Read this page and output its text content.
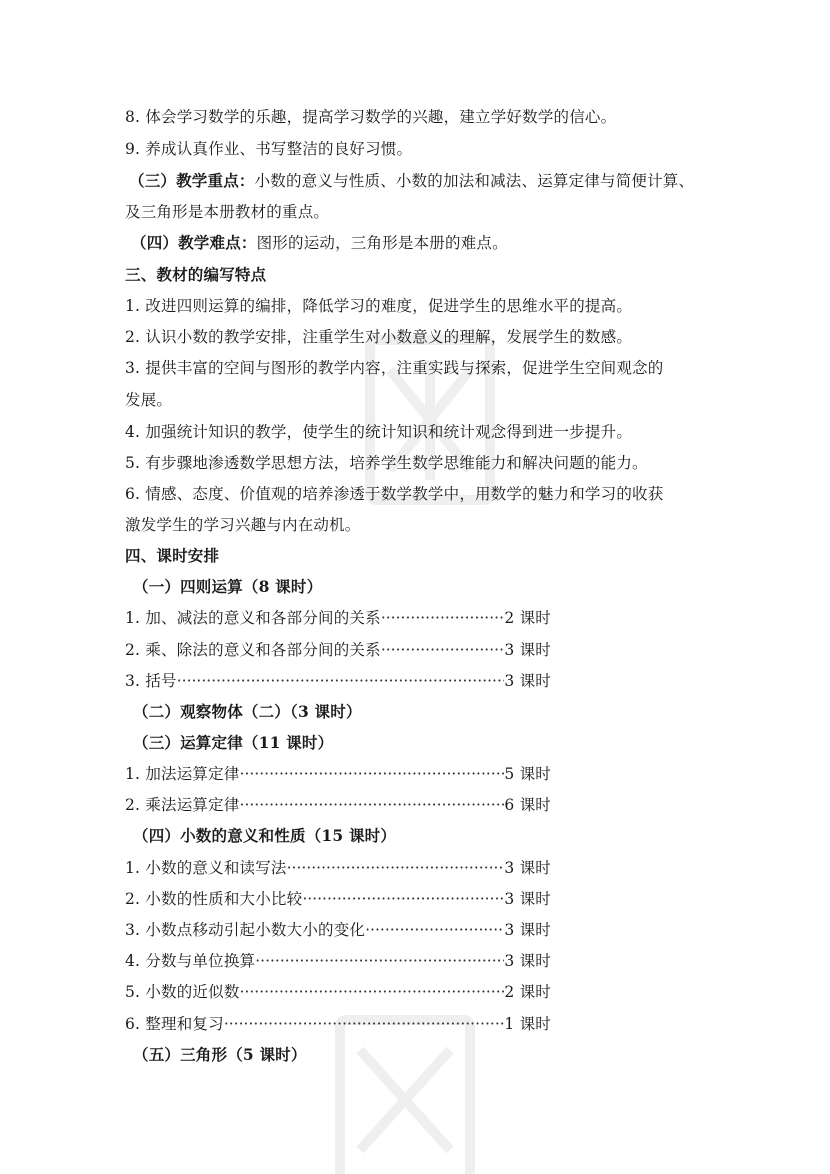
8. 体会学习数学的乐趣，提高学习数学的兴趣，建立学好数学的信心。
9. 养成认真作业、书写整洁的良好习惯。
（三）教学重点：小数的意义与性质、小数的加法和减法、运算定律与简便计算、
及三角形是本册教材的重点。
（四）教学难点：图形的运动，三角形是本册的难点。
三、教材的编写特点
1. 改进四则运算的编排，降低学习的难度，促进学生的思维水平的提高。
2. 认识小数的教学安排，注重学生对小数意义的理解，发展学生的数感。
3. 提供丰富的空间与图形的教学内容，注重实践与探索，促进学生空间观念的
发展。
4. 加强统计知识的教学，使学生的统计知识和统计观念得到进一步提升。
5. 有步骤地渗透数学思想方法，培养学生数学思维能力和解决问题的能力。
6. 情感、态度、价值观的培养渗透于数学教学中，用数学的魅力和学习的收获
激发学生的学习兴趣与内在动机。
四、课时安排
（一）四则运算（8 课时）
1. 加、减法的意义和各部分间的关系 ·····	2 课时
2. 乘、除法的意义和各部分间的关系 ·····	3 课时
3. 括号 ·····	3 课时
（二）观察物体（二）（3 课时）
（三）运算定律（11 课时）
1. 加法运算定律 ·····	5 课时
2. 乘法运算定律 ·····	6 课时
（四）小数的意义和性质（15 课时）
1. 小数的意义和读写法 ·····	3 课时
2. 小数的性质和大小比较 ·····	3 课时
3. 小数点移动引起小数大小的变化 ·····	3 课时
4. 分数与单位换算 ·····	3 课时
5. 小数的近似数 ·····	2 课时
6. 整理和复习 ·····	1 课时
（五）三角形（5 课时）
